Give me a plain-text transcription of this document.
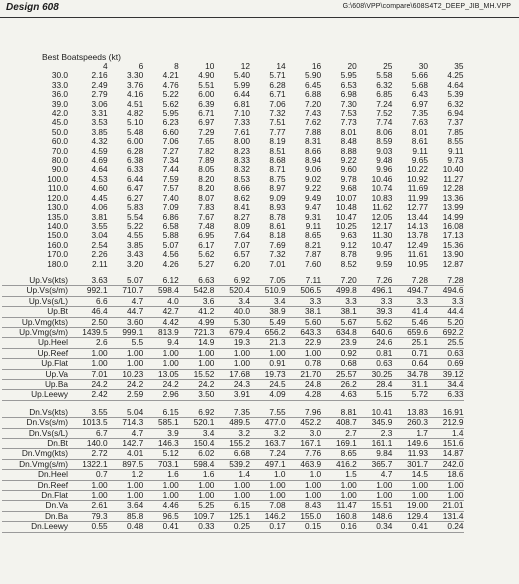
Design 608	G:\608\VPP\compare\608S4T2_DEEP_JIB_MH.VPP
Best Boatspeeds (kt)
	4	6	8	10	12	14	16	20	25	30	35
30.0	2.16	3.30	4.21	4.90	5.40	5.71	5.90	5.95	5.58	5.66	4.25
33.0	2.49	3.76	4.76	5.51	5.99	6.28	6.45	6.53	6.32	5.68	4.64
36.0	2.79	4.16	5.22	6.00	6.44	6.71	6.88	6.98	6.85	6.43	5.39
39.0	3.06	4.51	5.62	6.39	6.81	7.06	7.20	7.30	7.24	6.97	6.32
42.0	3.31	4.82	5.95	6.71	7.10	7.32	7.43	7.53	7.52	7.35	6.94
45.0	3.53	5.10	6.23	6.97	7.33	7.51	7.62	7.73	7.74	7.63	7.37
50.0	3.85	5.48	6.60	7.29	7.61	7.77	7.88	8.01	8.06	8.01	7.85
60.0	4.32	6.00	7.06	7.65	8.00	8.19	8.31	8.48	8.59	8.61	8.55
70.0	4.59	6.28	7.27	7.82	8.23	8.51	8.66	8.88	9.03	9.11	9.11
80.0	4.69	6.38	7.34	7.89	8.33	8.68	8.94	9.22	9.48	9.65	9.73
90.0	4.64	6.33	7.44	8.05	8.32	8.71	9.06	9.60	9.96	10.22	10.40
100.0	4.53	6.44	7.59	8.20	8.53	8.75	9.02	9.78	10.46	10.92	11.27
110.0	4.60	6.47	7.57	8.20	8.66	8.97	9.22	9.68	10.74	11.69	12.28
120.0	4.45	6.27	7.40	8.07	8.62	9.09	9.49	10.07	10.83	11.99	13.36
130.0	4.06	5.83	7.09	7.83	8.41	8.93	9.47	10.48	11.62	12.77	13.99
135.0	3.81	5.54	6.86	7.67	8.27	8.78	9.31	10.47	12.05	13.44	14.99
140.0	3.55	5.22	6.58	7.48	8.09	8.61	9.11	10.25	12.17	14.13	16.08
150.0	3.04	4.55	5.88	6.95	7.64	8.18	8.65	9.63	11.30	13.78	17.13
160.0	2.54	3.85	5.07	6.17	7.07	7.69	8.21	9.12	10.47	12.49	15.36
170.0	2.26	3.43	4.56	5.62	6.57	7.32	7.87	8.78	9.95	11.61	13.90
180.0	2.11	3.20	4.26	5.27	6.20	7.01	7.60	8.52	9.59	10.95	12.87

Up.Vs(kts)	3.63	5.07	6.12	6.63	6.92	7.05	7.11	7.20	7.26	7.28	7.28
Up.Vs(s/m)	992.1	710.7	598.4	542.8	520.4	510.9	506.5	499.8	496.1	494.7	494.6
Up.Vs(s/L)	6.6	4.7	4.0	3.6	3.4	3.4	3.3	3.3	3.3	3.3	3.3
Up.Bt	46.4	44.7	42.7	41.2	40.0	38.9	38.1	38.1	39.3	41.4	44.4
Up.Vmg(kts)	2.50	3.60	4.42	4.99	5.30	5.49	5.60	5.67	5.62	5.46	5.20
Up.Vmg(s/m)	1439.5	999.1	813.9	721.3	679.4	656.2	643.3	634.8	640.6	659.6	692.2
Up.Heel	2.6	5.5	9.4	14.9	19.3	21.3	22.9	23.9	24.6	25.1	25.5
Up.Reef	1.00	1.00	1.00	1.00	1.00	1.00	1.00	0.92	0.81	0.71	0.63
Up.Flat	1.00	1.00	1.00	1.00	1.00	0.91	0.78	0.68	0.63	0.64	0.69
Up.Va	7.01	10.23	13.05	15.52	17.68	19.73	21.70	25.57	30.25	34.78	39.12
Up.Ba	24.2	24.2	24.2	24.2	24.3	24.5	24.8	26.2	28.4	31.1	34.4
Up.Leewy	2.42	2.59	2.96	3.50	3.91	4.09	4.28	4.63	5.15	5.72	6.33

Dn.Vs(kts)	3.55	5.04	6.15	6.92	7.35	7.55	7.96	8.81	10.41	13.83	16.91
Dn.Vs(s/m)	1013.5	714.3	585.1	520.1	489.5	477.0	452.2	408.7	345.9	260.3	212.9
Dn.Vs(s/L)	6.7	4.7	3.9	3.4	3.2	3.2	3.0	2.7	2.3	1.7	1.4
Dn.Bt	140.0	142.7	146.3	150.4	155.2	163.7	167.1	169.1	161.1	149.6	151.6
Dn.Vmg(kts)	2.72	4.01	5.12	6.02	6.68	7.24	7.76	8.65	9.84	11.93	14.87
Dn.Vmg(s/m)	1322.1	897.5	703.1	598.4	539.2	497.1	463.9	416.2	365.7	301.7	242.0
Dn.Heel	0.7	1.2	1.6	1.6	1.4	1.0	1.0	1.5	4.7	14.5	18.6
Dn.Reef	1.00	1.00	1.00	1.00	1.00	1.00	1.00	1.00	1.00	1.00	1.00
Dn.Flat	1.00	1.00	1.00	1.00	1.00	1.00	1.00	1.00	1.00	1.00	1.00
Dn.Va	2.61	3.64	4.46	5.25	6.15	7.08	8.43	11.47	15.51	19.00	21.01
Dn.Ba	79.3	85.8	96.5	109.7	125.1	146.2	155.0	160.8	148.6	129.4	131.4
Dn.Leewy	0.55	0.48	0.41	0.33	0.25	0.17	0.15	0.16	0.34	0.41	0.24
